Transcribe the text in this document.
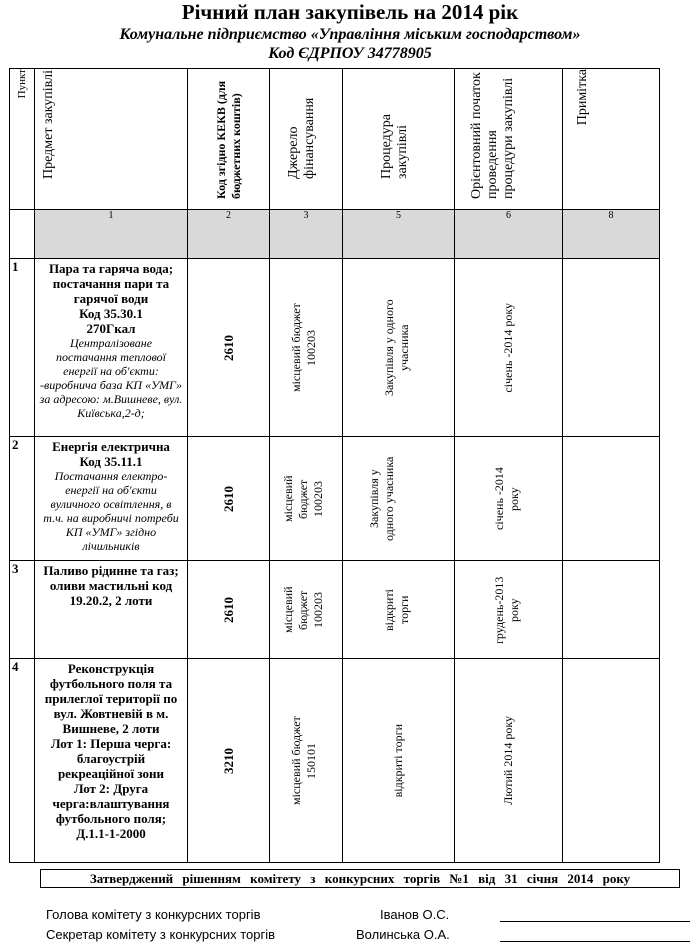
Річний план закупівель на 2014 рік
Комунальне підприємство «Управління міським господарством»
Код ЄДРПОУ 34778905
Пункт	Предмет закупівлі	Код згідно КЕКВ (для бюджетних коштів)	Джерело фінансування	Процедура закупівлі	Орієнтовний початок проведення процедури закупівлі	Примітка

	1	2	3	5	6	8
1	Пара та гаряча вода; постачання пари та гарячої води
Код 35.30.1
270Гкал
Централізоване постачання теплової енергії на об'єкти: -виробнича база КП «УМГ» за адресою: м.Вишневе, вул. Київська,2-д;	2610	місцевий бюджет 100203	Закупівля у одного учасника	січень -2014 року	

2	Енергія електрична
Код 35.11.1
Постачання електро-енергії на об'єкти вуличного освітлення, в т.ч. на виробничі потреби КП «УМГ» згідно лічильників	2610	місцевий бюджет 100203	Закупівля у одного учасника	січень -2014 року	

3	Паливо рідинне та газ; оливи мастильні код 19.20.2, 2 лоти	2610	місцевий бюджет 100203	відкриті торги	грудень-2013 року	

4	Реконструкція футбольного поля та прилеглої території по вул. Жовтневій в м. Вишневе, 2 лоти
Лот 1: Перша черга: благоустрій рекреаційної зони
Лот 2: Друга черга:влаштування футбольного поля; Д.1.1-1-2000	3210	місцевий бюджет 150101	відкриті торги	Лютий 2014 року	

Затверджений рішенням комітету з конкурсних торгів №1 від 31 січня 2014 року
Голова комітету з конкурсних торгів	Іванов О.С.
Секретар комітету з конкурсних торгів	Волинська О.А.
